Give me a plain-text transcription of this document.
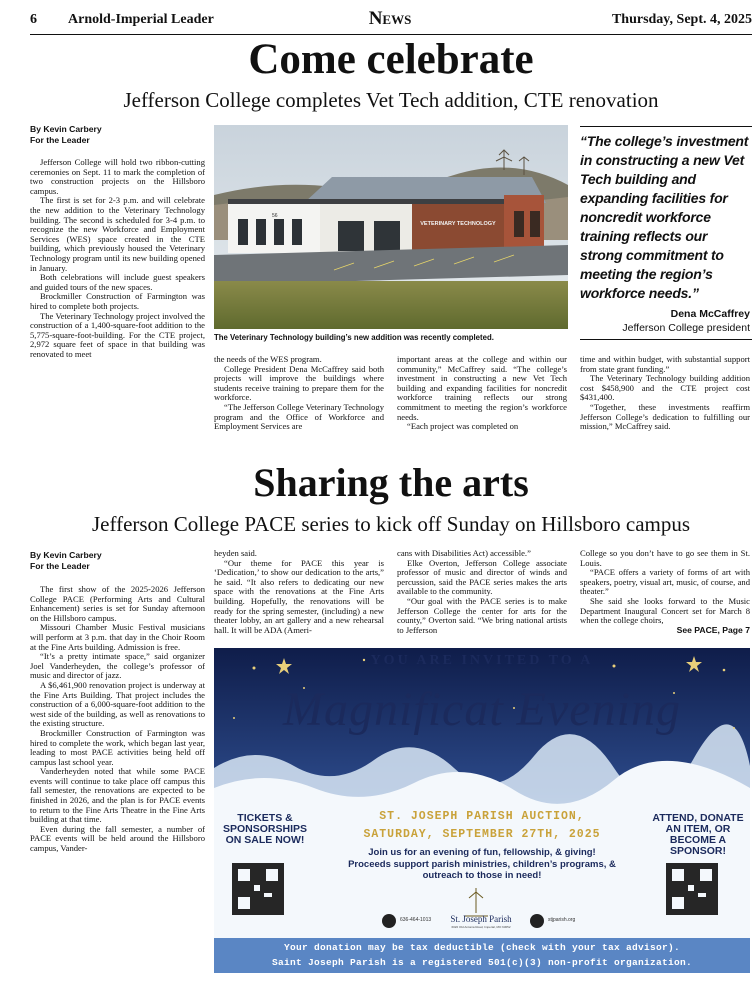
6 Arnold-Imperial Leader	News	Thursday, Sept. 4, 2025
Come celebrate
Jefferson College completes Vet Tech addition, CTE renovation
By Kevin Carbery
For the Leader

Jefferson College will hold two ribbon-cutting ceremonies on Sept. 11 to mark the completion of two construction projects on the Hillsboro campus.

The first is set for 2-3 p.m. and will celebrate the new addition to the Veterinary Technology building. The second is scheduled for 3-4 p.m. to recognize the new Workforce and Employment Services (WES) space created in the CTE building, which previously housed the Veterinary Technology program until its new building opened in January.

Both celebrations will include guest speakers and guided tours of the new spaces.

Brockmiller Construction of Farmington was hired to complete both projects.

The Veterinary Technology project involved the construction of a 1,400-square-foot addition to the 5,775-square-foot-building. For the CTE project, 2,972 square feet of space in that building was renovated to meet

56
VETERINARY TECHNOLOGY
The Veterinary Technology building’s new addition was recently completed.

the needs of the WES program.

College President Dena McCaffrey said both projects will improve the buildings where students receive training to prepare them for the workforce.

“The Jefferson College Veterinary Technology program and the Office of Workforce and Employment Services are

important areas at the college and within our community,” McCaffrey said. “The college’s investment in constructing a new Vet Tech building and expanding facilities for noncredit workforce training reflects our strong commitment to meeting the region’s workforce needs.

“Each project was completed on

“The college’s investment in constructing a new Vet Tech building and expanding facilities for noncredit workforce training reflects our strong commitment to meeting the region’s workforce needs.”
Dena McCaffrey
Jefferson College president

time and within budget, with substantial support from state grant funding.”

The Veterinary Technology building addition cost $458,900 and the CTE project cost $431,400.

“Together, these investments reaffirm Jefferson College’s dedication to fulfilling our mission,” McCaffrey said.

Sharing the arts
Jefferson College PACE series to kick off Sunday on Hillsboro campus
By Kevin Carbery
For the Leader

The first show of the 2025-2026 Jefferson College PACE (Performing Arts and Cultural Enhancement) series is set for Sunday afternoon on the Hillsboro campus.

Missouri Chamber Music Festival musicians will perform at 3 p.m. that day in the Choir Room at the Fine Arts building. Admission is free.

“It’s a pretty intimate space,” said organizer Joel Vanderheyden, the college’s professor of music and director of jazz.

A $6,461,900 renovation project is underway at the Fine Arts Building. That project includes the construction of a 6,000-square-foot addition to the west side of the building, as well as renovations to the existing structure.

Brockmiller Construction of Farmington was hired to complete the work, which began last year, leading to most PACE activities being held off campus last school year.

Vanderheyden noted that while some PACE events will continue to take place off campus this fall semester, the renovations are expected to be finished in 2026, and the plan is for PACE events to return to the Fine Arts Theatre in the Fine Arts building at that time.

Even during the fall semester, a number of PACE events will be held around the Hillsboro campus, Vander-

heyden said.

“Our theme for PACE this year is ‘Dedication,’ to show our dedication to the arts,” he said. “It also refers to dedicating our new space with the renovations at the Fine Arts building. Hopefully, the renovations will be ready for the spring semester, (including) a new theater lobby, an art gallery and a new rehearsal hall. It will be ADA (Ameri-

cans with Disabilities Act) accessible.”

Elke Overton, Jefferson College associate professor of music and director of winds and percussion, said the PACE series makes the arts available to the community.

“Our goal with the PACE series is to make Jefferson College the center for arts for the county,” Overton said. “We bring national artists to Jefferson

College so you don’t have to go see them in St. Louis.

“PACE offers a variety of forms of art with speakers, poetry, visual art, music, of course, and theater.”

She said she looks forward to the Music Department Inaugural Concert set for March 8 when the college choirs,

See PACE, Page 7
YOU ARE INVITED TO A
Magnificat Evening
TICKETS & SPONSORSHIPS ON SALE NOW!
ATTEND, DONATE AN ITEM, OR BECOME A SPONSOR!
ST. JOSEPH PARISH AUCTION,
SATURDAY, SEPTEMBER 27TH, 2025
Join us for an evening of fun, fellowship, & giving!
Proceeds support parish ministries, children’s programs, & outreach to those in need!
636-464-1013	St. Joseph Parish
6020 Old Antonia Road, Imperial, MO 63052
stjparish.org
Your donation may be tax deductible (check with your tax advisor).
Saint Joseph Parish is a registered 501(c)(3) non-profit organization.
